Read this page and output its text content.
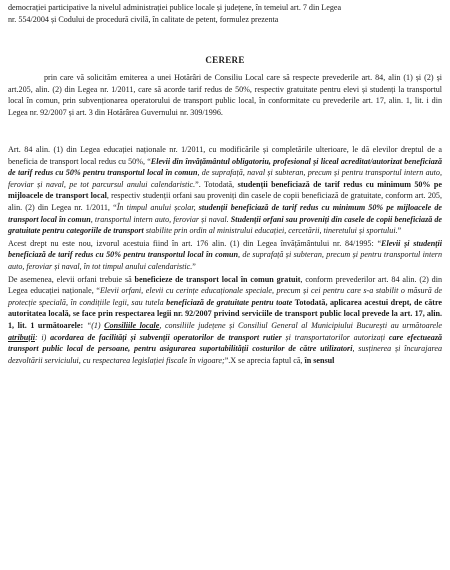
democrației participative la nivelul administrației publice locale și județene, în temeiul art. 7 din Legea
nr. 554/2004 și Codului de procedură civilă, în calitate de petent, formulez prezenta
CERERE
prin care vă solicităm emiterea a unei Hotărâri de Consiliu Local care să respecte prevederile art. 84, alin (1) și (2) și art.205, alin. (2) din Legea nr. 1/2011, care să acorde tarif redus de 50%, respectiv gratuitate pentru elevi și studenți la transportul local în comun, prin subvenționarea operatorului de transport public local, în conformitate cu prevederile art. 17, alin. 1, lit. i din Legea nr. 92/2007 și art. 3 din Hotărârea Guvernului nr. 309/1996.

Art. 84 alin. (1) din Legea educației naționale nr. 1/2011, cu modificările și completările ulterioare, le dă elevilor dreptul de a beneficia de transport local redus cu 50%, “Elevii din învățământul obligatoriu, profesional și liceal acreditat/autorizat beneficiază de tarif redus cu 50% pentru transportul local în comun, de suprafață, naval și subteran, precum și pentru transportul intern auto, feroviar și naval, pe tot parcursul anului calendaristic.”. Totodată, studenții beneficiază de tarif redus cu minimum 50% pe mijloacele de transport local, respectiv studenții orfani sau proveniți din casele de copii beneficiază de gratuitate, conform art. 205, alin. (2) din Legea nr. 1/2011, “În timpul anului școlar, studenții beneficiază de tarif redus cu minimum 50% pe mijloacele de transport local în comun, transportul intern auto, feroviar și naval. Studenții orfani sau proveniți din casele de copii beneficiază de gratuitate pentru categoriile de transport stabilite prin ordin al ministrului educației, cercetării, tineretului și sportului.”

Acest drept nu este nou, izvorul acestuia fiind în art. 176 alin. (1) din Legea învățământului nr. 84/1995: “Elevii și studenții beneficiază de tarif redus cu 50% pentru transportul local în comun, de suprafață și subteran, precum și pentru transportul intern auto, feroviar și naval, în tot timpul anului calendaristic.”

De asemenea, elevii orfani trebuie să beneficieze de transport local în comun gratuit, conform prevederilor art. 84 alin. (2) din Legea educației naționale, “Elevii orfani, elevii cu cerințe educaționale speciale, precum și cei pentru care s-a stabilit o măsură de protecție specială, în condițiile legii, sau tutela beneficiază de gratuitate pentru toate Totodată, aplicarea acestui drept, de către autoritatea locală, se face prin respectarea legii nr. 92/2007 privind serviciile de transport public local prevede la art. 17, alin. 1, lit. 1 următoarele: “(1) Consiliile locale, consiliile județene și Consiliul General al Municipiului București au următoarele atribuții: i) acordarea de facilități și subvenții operatorilor de transport rutier și transportatorilor autorizați care efectuează transport public local de persoane, pentru asigurarea suportabilității costurilor de către utilizatori, susținerea și încurajarea dezvoltării serviciului, cu respectarea legislației fiscale în vigoare;”.X se aprecia faptul că, în sensul
